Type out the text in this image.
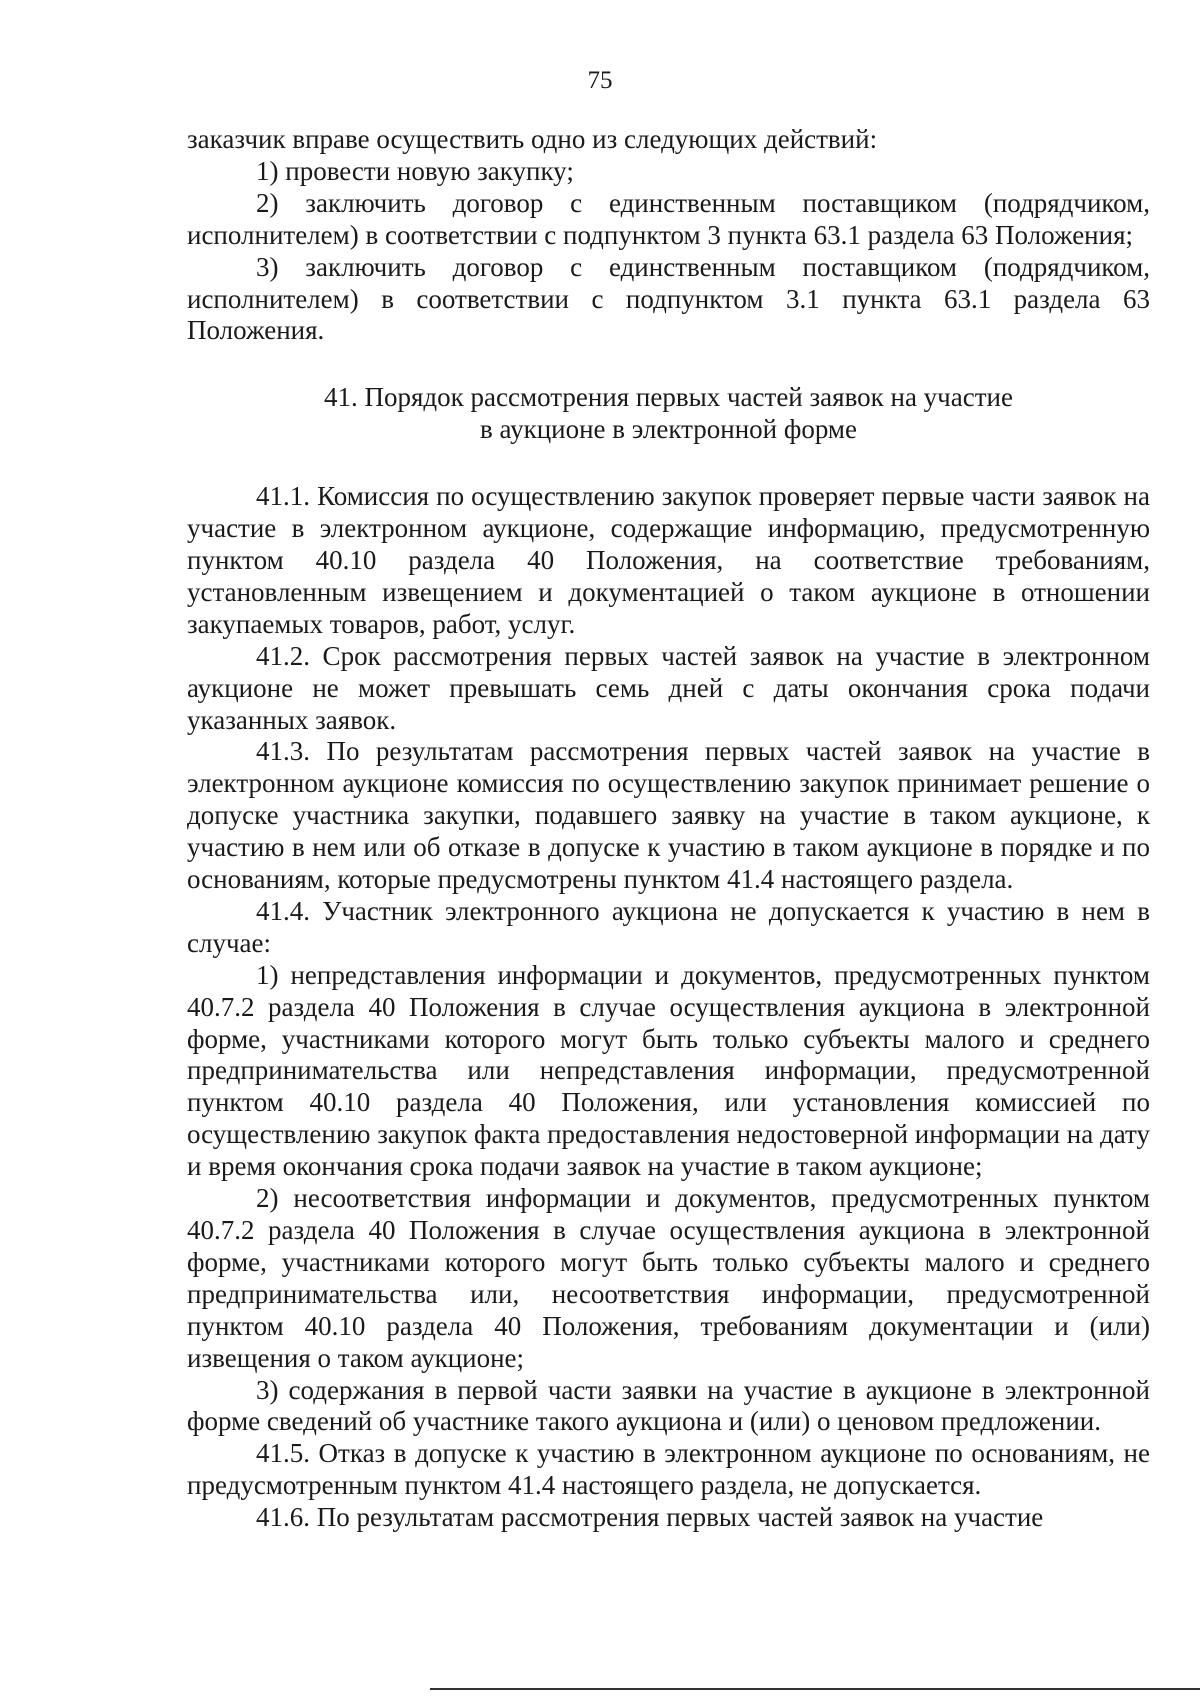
75

заказчик вправе осуществить одно из следующих действий:

1) провести новую закупку;

2) заключить договор с единственным поставщиком (подрядчиком, исполнителем) в соответствии с подпунктом 3 пункта 63.1 раздела 63 Положения;

3) заключить договор с единственным поставщиком (подрядчиком, исполнителем) в соответствии с подпунктом 3.1 пункта 63.1 раздела 63 Положения.

41. Порядок рассмотрения первых частей заявок на участие
в аукционе в электронной форме

41.1. Комиссия по осуществлению закупок проверяет первые части заявок на участие в электронном аукционе, содержащие информацию, предусмотренную пунктом 40.10 раздела 40 Положения, на соответствие требованиям, установленным извещением и документацией о таком аукционе в отношении закупаемых товаров, работ, услуг.

41.2. Срок рассмотрения первых частей заявок на участие в электронном аукционе не может превышать семь дней с даты окончания срока подачи указанных заявок.

41.3. По результатам рассмотрения первых частей заявок на участие в электронном аукционе комиссия по осуществлению закупок принимает решение о допуске участника закупки, подавшего заявку на участие в таком аукционе, к участию в нем или об отказе в допуске к участию в таком аукционе в порядке и по основаниям, которые предусмотрены пунктом 41.4 настоящего раздела.

41.4. Участник электронного аукциона не допускается к участию в нем в случае:

1) непредставления информации и документов, предусмотренных пунктом 40.7.2 раздела 40 Положения в случае осуществления аукциона в электронной форме, участниками которого могут быть только субъекты малого и среднего предпринимательства или непредставления информации, предусмотренной пунктом 40.10 раздела 40 Положения, или установления комиссией по осуществлению закупок факта предоставления недостоверной информации на дату и время окончания срока подачи заявок на участие в таком аукционе;

2) несоответствия информации и документов, предусмотренных пунктом 40.7.2 раздела 40 Положения в случае осуществления аукциона в электронной форме, участниками которого могут быть только субъекты малого и среднего предпринимательства или, несоответствия информации, предусмотренной пунктом 40.10 раздела 40 Положения, требованиям документации и (или) извещения о таком аукционе;

3) содержания в первой части заявки на участие в аукционе в электронной форме сведений об участнике такого аукциона и (или) о ценовом предложении.

41.5. Отказ в допуске к участию в электронном аукционе по основаниям, не предусмотренным пунктом 41.4 настоящего раздела, не допускается.

41.6. По результатам рассмотрения первых частей заявок на участие
